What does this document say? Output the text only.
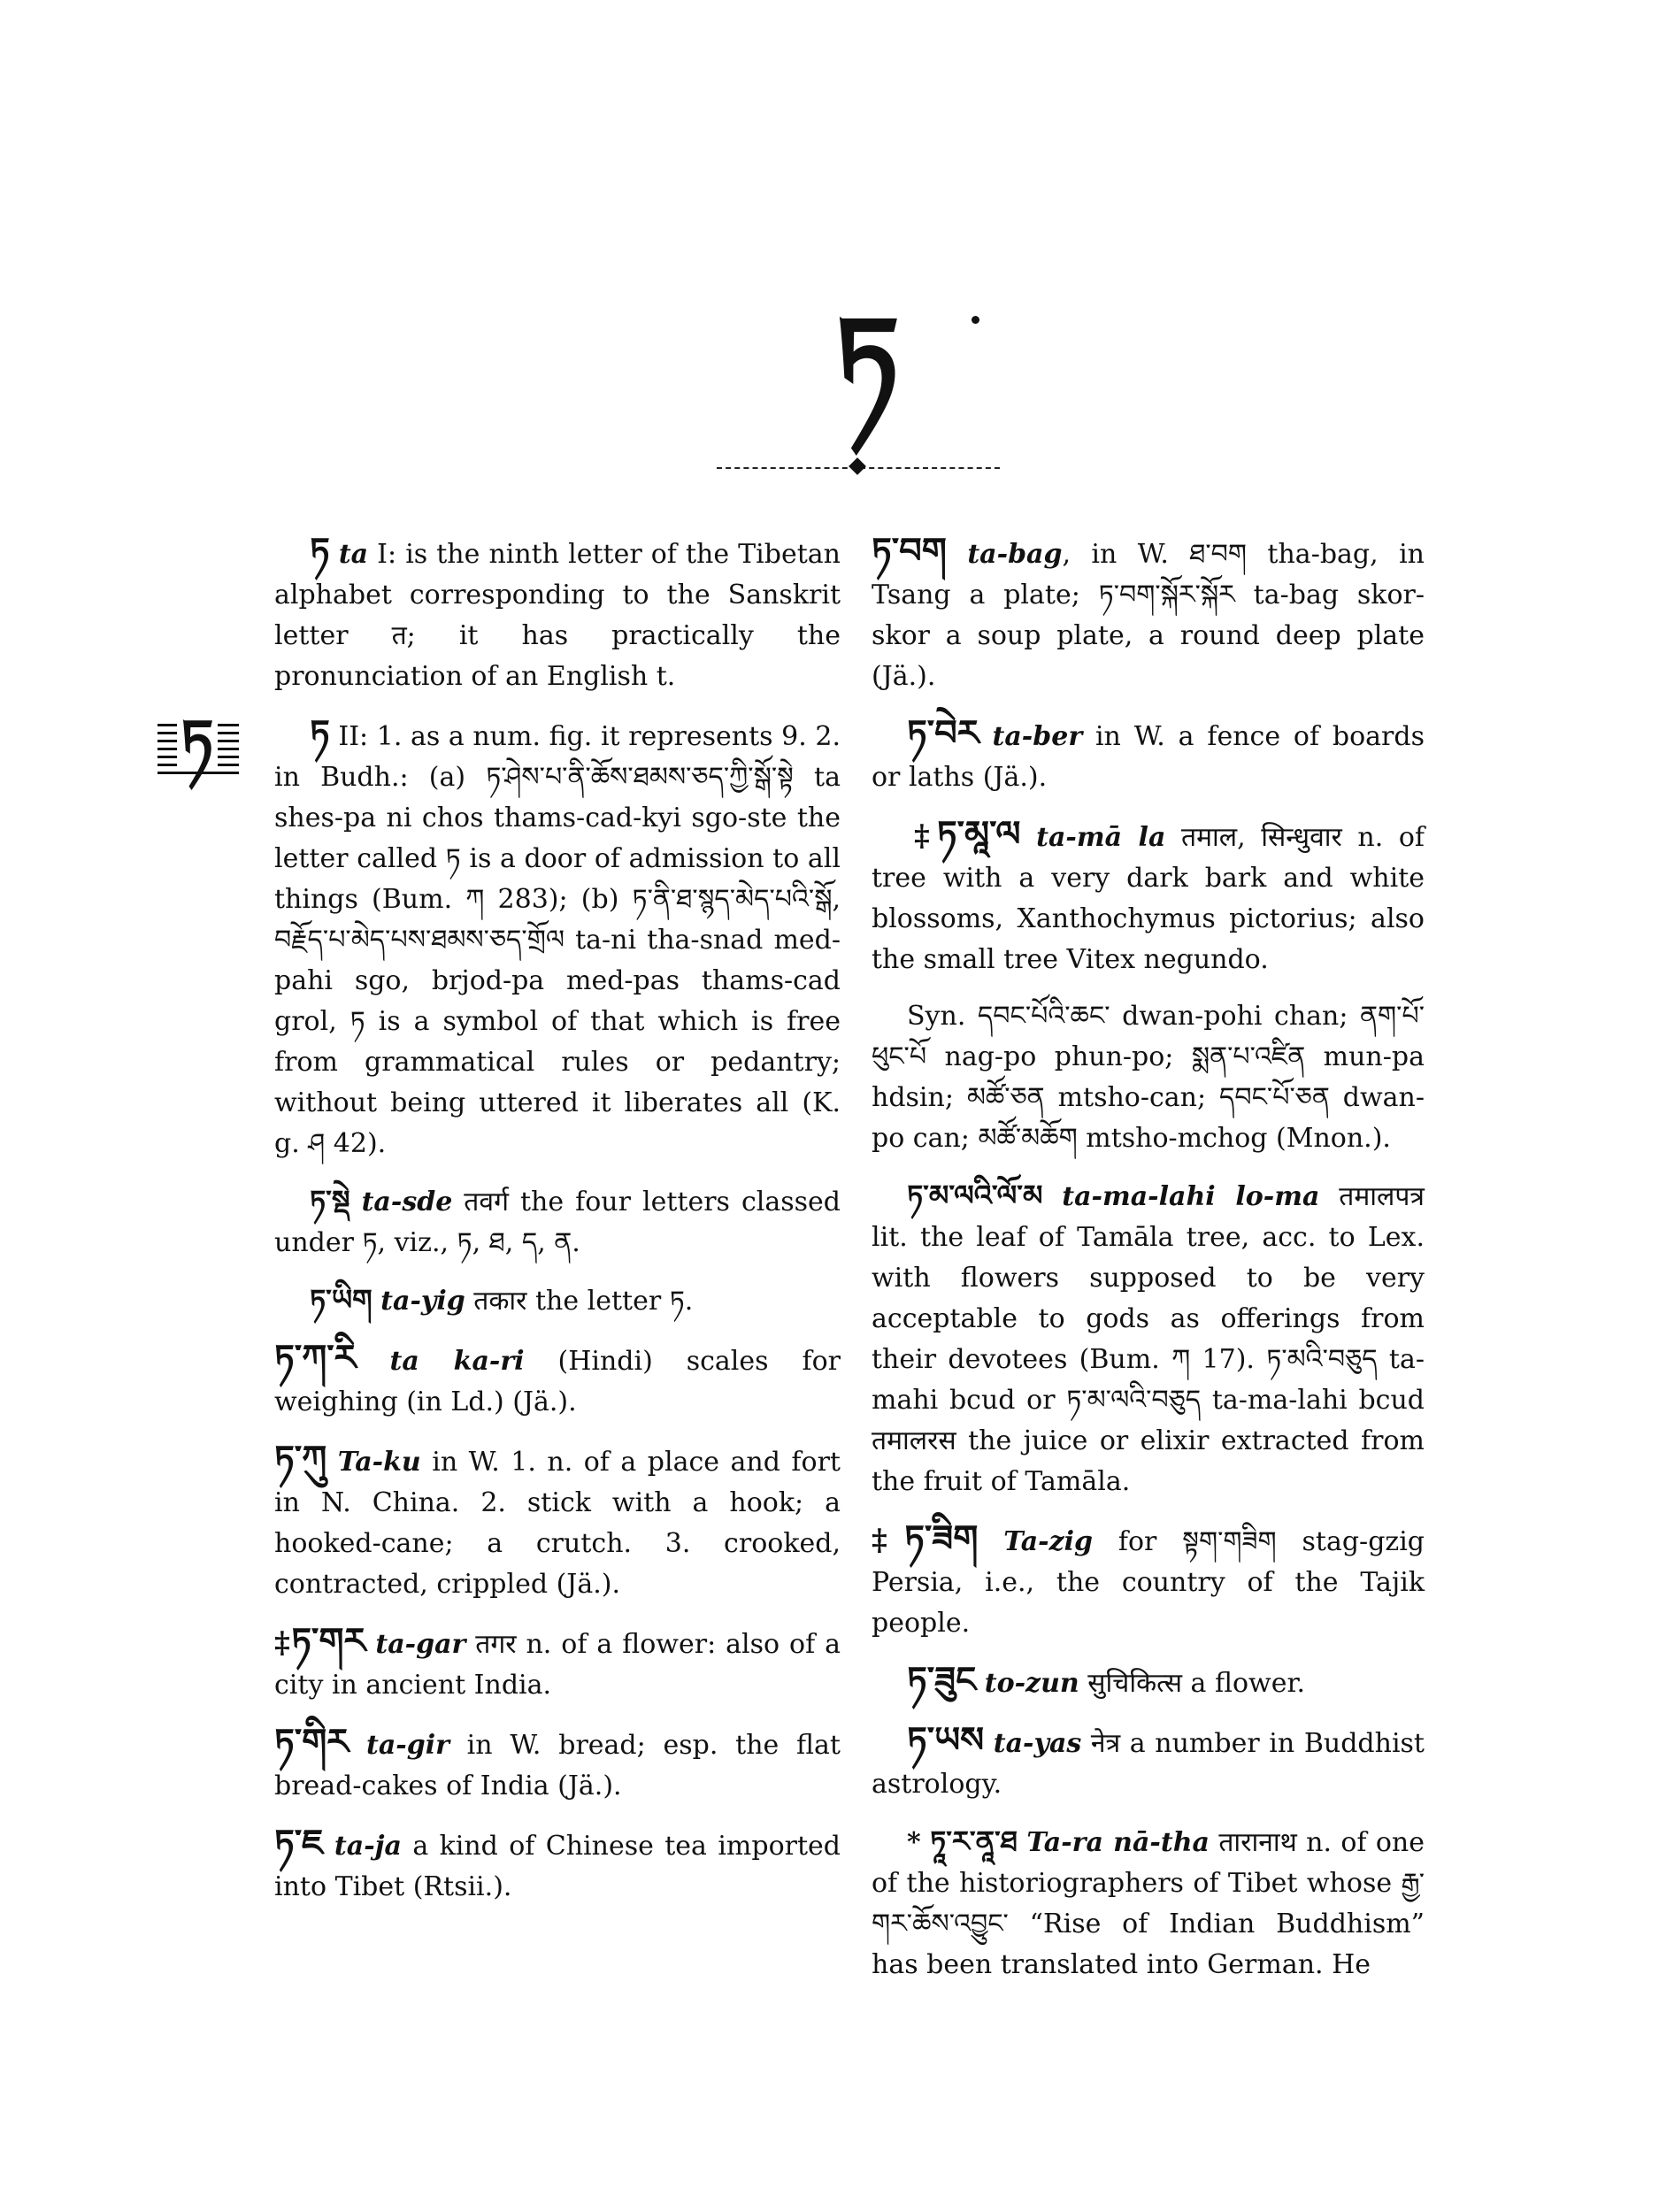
ཏ
ཏ

ཏ ta I: is the ninth letter of the Tibetan alphabet corresponding to the Sanskrit letter त; it has practically the pronunciation of an English t.

ཏ II: 1. as a num. fig. it represents 9. 2. in Budh.: (a) ཏ་ཤེས་པ་ནི་ཆོས་ཐམས་ཅད་ཀྱི་སྒོ་སྟེ ta shes-pa ni chos thams-cad-kyi sgo-ste the letter called ཏ is a door of admission to all things (Bum. ཀ 283); (b) ཏ་ནི་ཐ་སྙད་མེད་པའི་སྒོ, བརྗོད་པ་མེད་པས་ཐམས་ཅད་གྲོལ ta-ni tha-snad med-pahi sgo, brjod-pa med-pas thams-cad grol, ཏ is a symbol of that which is free from grammatical rules or pedantry; without being uttered it liberates all (K. g. ཤ 42).

ཏ་སྡེ ta-sde तवर्ग the four letters classed under ཏ, viz., ཏ, ཐ, ད, ན.

ཏ་ཡིག ta-yig तकार the letter ཏ.

ཏ་ཀ་རི ta ka-ri (Hindi) scales for weighing (in Ld.) (Jä.).

ཏ་ཀུ Ta-ku in W. 1. n. of a place and fort in N. China. 2. stick with a hook; a hooked-cane; a crutch. 3. crooked, contracted, crippled (Jä.).

‡ཏ་གར ta-gar तगर n. of a flower: also of a city in ancient India.

ཏ་གིར ta-gir in W. bread; esp. the flat bread-cakes of India (Jä.).

ཏ་ཇ ta-ja a kind of Chinese tea imported into Tibet (Rtsii.).

ཏ་བག ta-bag, in W. ཐ་བག tha-bag, in Tsang a plate; ཏ་བག་སྐོར་སྐོར ta-bag skor-skor a soup plate, a round deep plate (Jä.).

ཏ་བེར ta-ber in W. a fence of boards or laths (Jä.).

‡ཏ་མཱ་ལ ta-mā la तमाल, सिन्धुवार n. of tree with a very dark bark and white blossoms, Xanthochymus pictorius; also the small tree Vitex negundo.

Syn. དབང་པོའི་ཆང་ dwan-pohi chan; ནག་པོ་ཕུང་པོ nag-po phun-po; སྨན་པ་འཛིན mun-pa hdsin; མཚོ་ཅན mtsho-can; དབང་པོ་ཅན dwan-po can; མཚོ་མཆོག mtsho-mchog (Mnon.).

ཏ་མ་ལའི་ལོ་མ ta-ma-lahi lo-ma तमालपत्र lit. the leaf of Tamāla tree, acc. to Lex. with flowers supposed to be very acceptable to gods as offerings from their devotees (Bum. ཀ 17). ཏ་མའི་བཅུད ta-mahi bcud or ཏ་མ་ལའི་བཅུད ta-ma-lahi bcud तमालरस the juice or elixir extracted from the fruit of Tamāla.

‡ཏ་ཟིག Ta-zig for སྟག་གཟིག stag-gzig Persia, i.e., the country of the Tajik people.

ཏ་ཟུང to-zun सुचिकित्स a flower.

ཏ་ཡས ta-yas नेत्र a number in Buddhist astrology.

* ཏཱ་ར་ནཱ་ཐ Ta-ra nā-tha तारानाथ n. of one of the historiographers of Tibet whose རྒྱ་གར་ཆོས་འབྱུང་ “Rise of Indian Buddhism” has been translated into German. He
